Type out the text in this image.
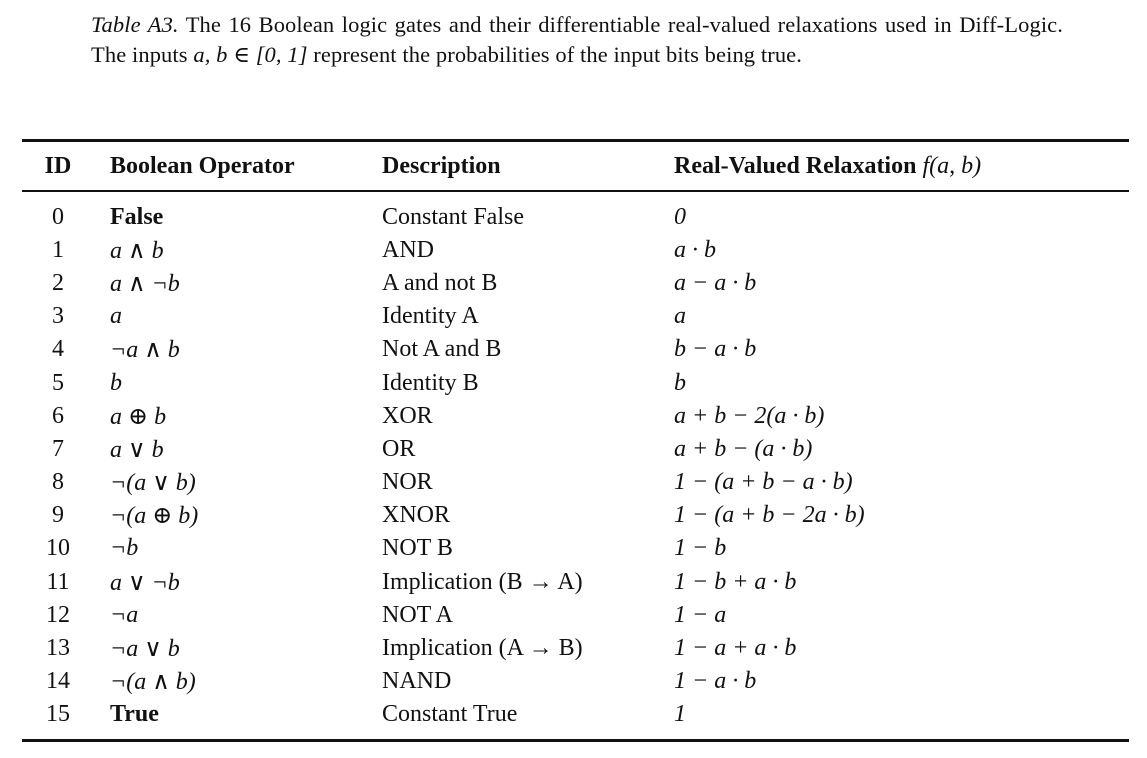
Table A3. The 16 Boolean logic gates and their differentiable real-valued relaxations used in Diff-Logic. The inputs a, b ∈ [0, 1] represent the probabilities of the input bits being true.
ID	Boolean Operator	Description	Real-Valued Relaxation f(a, b)

0	False	Constant False	0
1	a ∧ b	AND	a · b
2	a ∧ ¬b	A and not B	a − a · b
3	a	Identity A	a
4	¬a ∧ b	Not A and B	b − a · b
5	b	Identity B	b
6	a ⊕ b	XOR	a + b − 2(a · b)
7	a ∨ b	OR	a + b − (a · b)
8	¬(a ∨ b)	NOR	1 − (a + b − a · b)
9	¬(a ⊕ b)	XNOR	1 − (a + b − 2a · b)
10	¬b	NOT B	1 − b
11	a ∨ ¬b	Implication (B → A)	1 − b + a · b
12	¬a	NOT A	1 − a
13	¬a ∨ b	Implication (A → B)	1 − a + a · b
14	¬(a ∧ b)	NAND	1 − a · b
15	True	Constant True	1
